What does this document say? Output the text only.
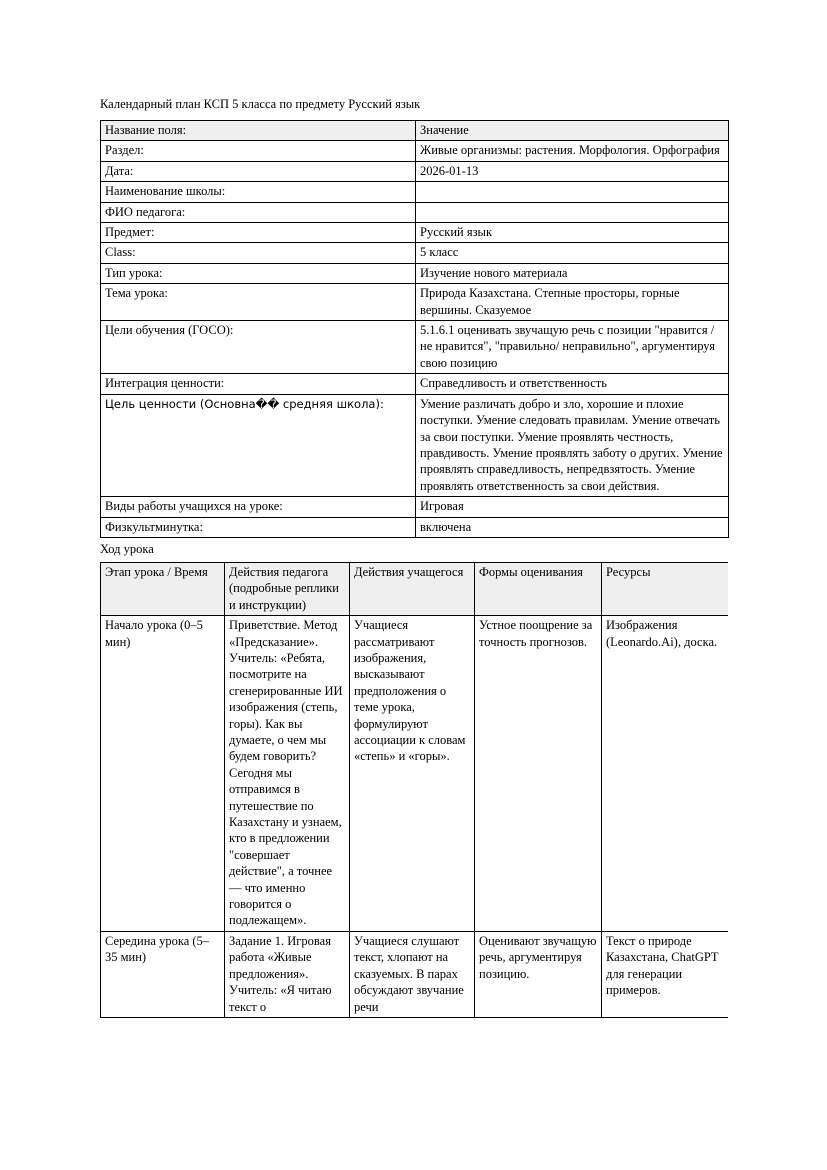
Календарный план КСП 5 класса по предмету Русский язык
Название поля:	Значение
Раздел:	Живые организмы: растения. Морфология. Орфография
Дата:	2026-01-13
Наименование школы:	
ФИО педагога:	
Предмет:	Русский язык
Class:	5 класс
Тип урока:	Изучение нового материала
Тема урока:	Природа Казахстана. Степные просторы, горные вершины. Сказуемое
Цели обучения (ГОСО):	5.1.6.1 оценивать звучащую речь с позиции "нравится /не нравится", "правильно/ неправильно", аргументируя свою позицию
Интеграция ценности:	Справедливость и ответственность
Цель ценности (Основна�� средняя школа):	Умение различать добро и зло, хорошие и плохие поступки. Умение следовать правилам. Умение отвечать за свои поступки. Умение проявлять честность, правдивость. Умение проявлять заботу о других. Умение проявлять справедливость, непредвзятость. Умение проявлять ответственность за свои действия.
Виды работы учащихся на уроке:	Игровая
Физкультминутка:	включена
Ход урока
Этап урока / Время	Действия педагога (подробные реплики и инструкции)	Действия учащегося	Формы оценивания	Ресурсы
Начало урока (0–5 мин)	Приветствие. Метод «Предсказание». Учитель: «Ребята, посмотрите на сгенерированные ИИ изображения (степь, горы). Как вы думаете, о чем мы будем говорить? Сегодня мы отправимся в путешествие по Казахстану и узнаем, кто в предложении "совершает действие", а точнее — что именно говорится о подлежащем».	Учащиеся рассматривают изображения, высказывают предположения о теме урока, формулируют ассоциации к словам «степь» и «горы».	Устное поощрение за точность прогнозов.	Изображения (Leonardo.Ai), доска.
Середина урока (5–35 мин)	Задание 1. Игровая работа «Живые предложения». Учитель: «Я читаю текст о	Учащиеся слушают текст, хлопают на сказуемых. В парах обсуждают звучание речи	Оценивают звучащую речь, аргументируя позицию.	Текст о природе Казахстана, ChatGPT для генерации примеров.
